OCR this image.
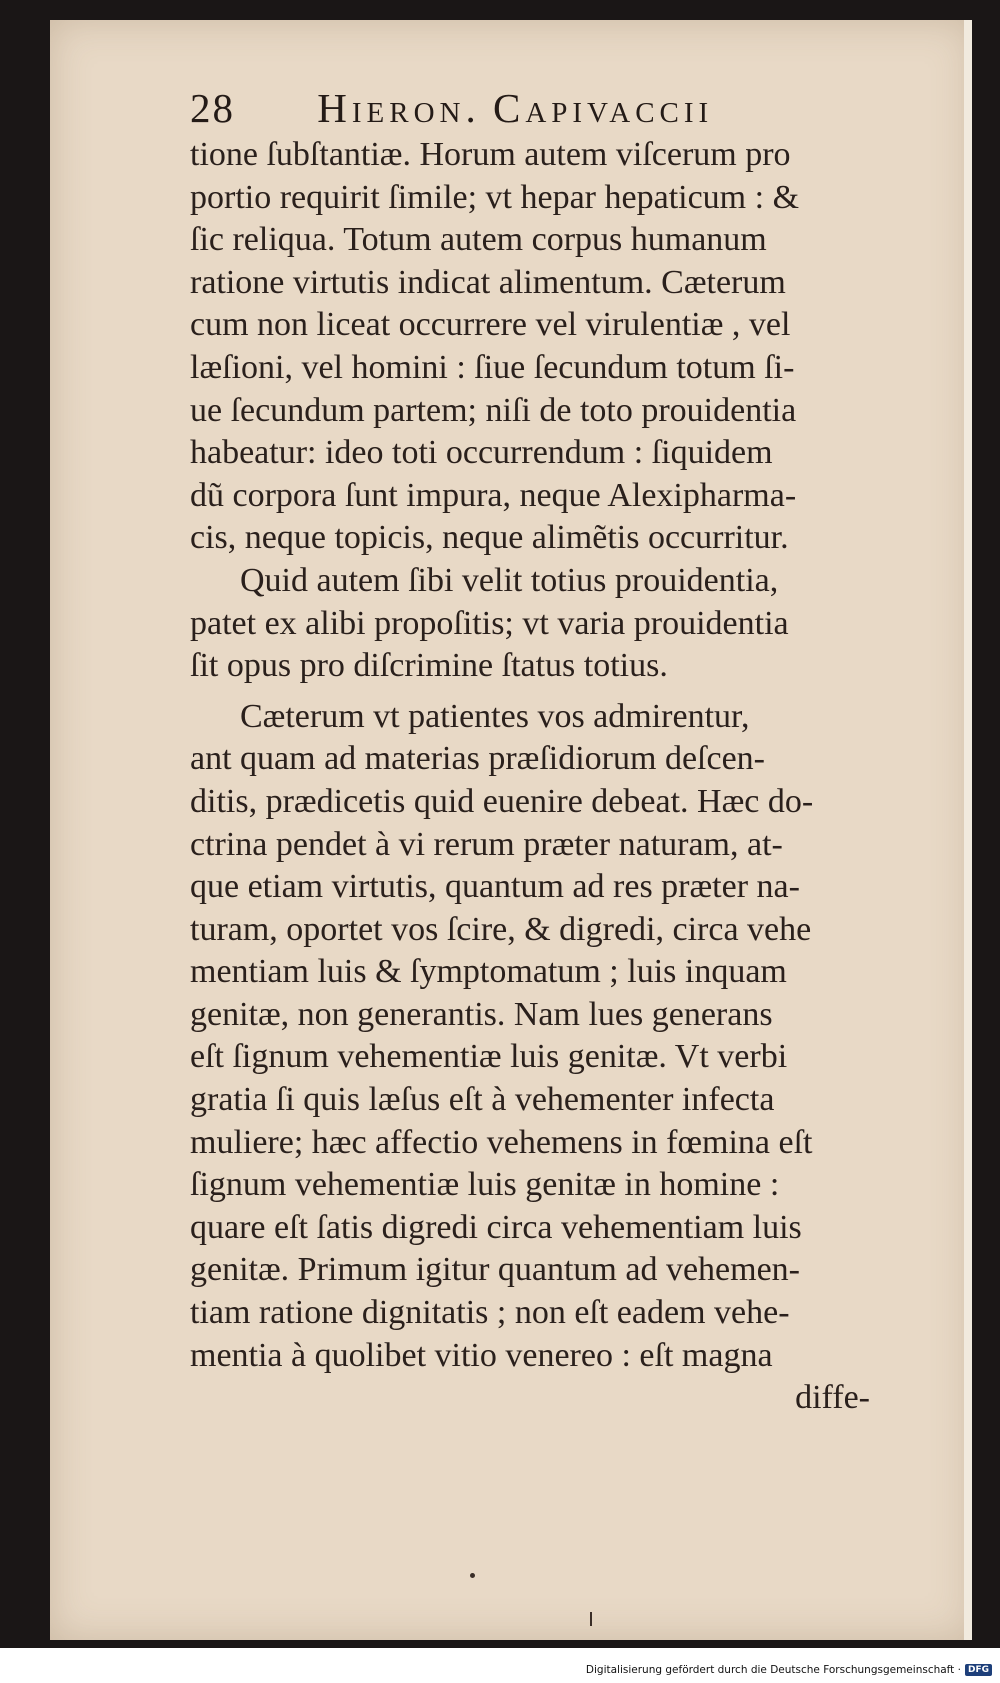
28 Hieron. Capivaccii
tione ſubſtantiæ. Horum autem viſcerum pro
portio requirit ſimile; vt hepar hepaticum : &
ſic reliqua. Totum autem corpus humanum
ratione virtutis indicat alimentum. Cæterum
cum non liceat occurrere vel virulentiæ , vel
læſioni, vel homini : ſiue ſecundum totum ſi-
ue ſecundum partem; niſi de toto prouidentia
habeatur: ideo toti occurrendum : ſiquidem
dũ corpora ſunt impura, neque Alexipharma-
cis, neque topicis, neque alimẽtis occurritur.
Quid autem ſibi velit totius prouidentia,
patet ex alibi propoſitis; vt varia prouidentia
ſit opus pro diſcrimine ſtatus totius.
Cæterum vt patientes vos admirentur,
ant quam ad materias præſidiorum deſcen-
ditis, prædicetis quid euenire debeat. Hæc do-
ctrina pendet à vi rerum præter naturam, at-
que etiam virtutis, quantum ad res præter na-
turam, oportet vos ſcire, & digredi, circa vehe
mentiam luis & ſymptomatum ; luis inquam
genitæ, non generantis. Nam lues generans
eſt ſignum vehementiæ luis genitæ. Vt verbi
gratia ſi quis læſus eſt à vehementer infecta
muliere; hæc affectio vehemens in fœmina eſt
ſignum vehementiæ luis genitæ in homine :
quare eſt ſatis digredi circa vehementiam luis
genitæ. Primum igitur quantum ad vehemen-
tiam ratione dignitatis ; non eſt eadem vehe-
mentia à quolibet vitio venereo : eſt magna
diffe-
Digitalisierung gefördert durch die Deutsche Forschungsgemeinschaft · DFG
